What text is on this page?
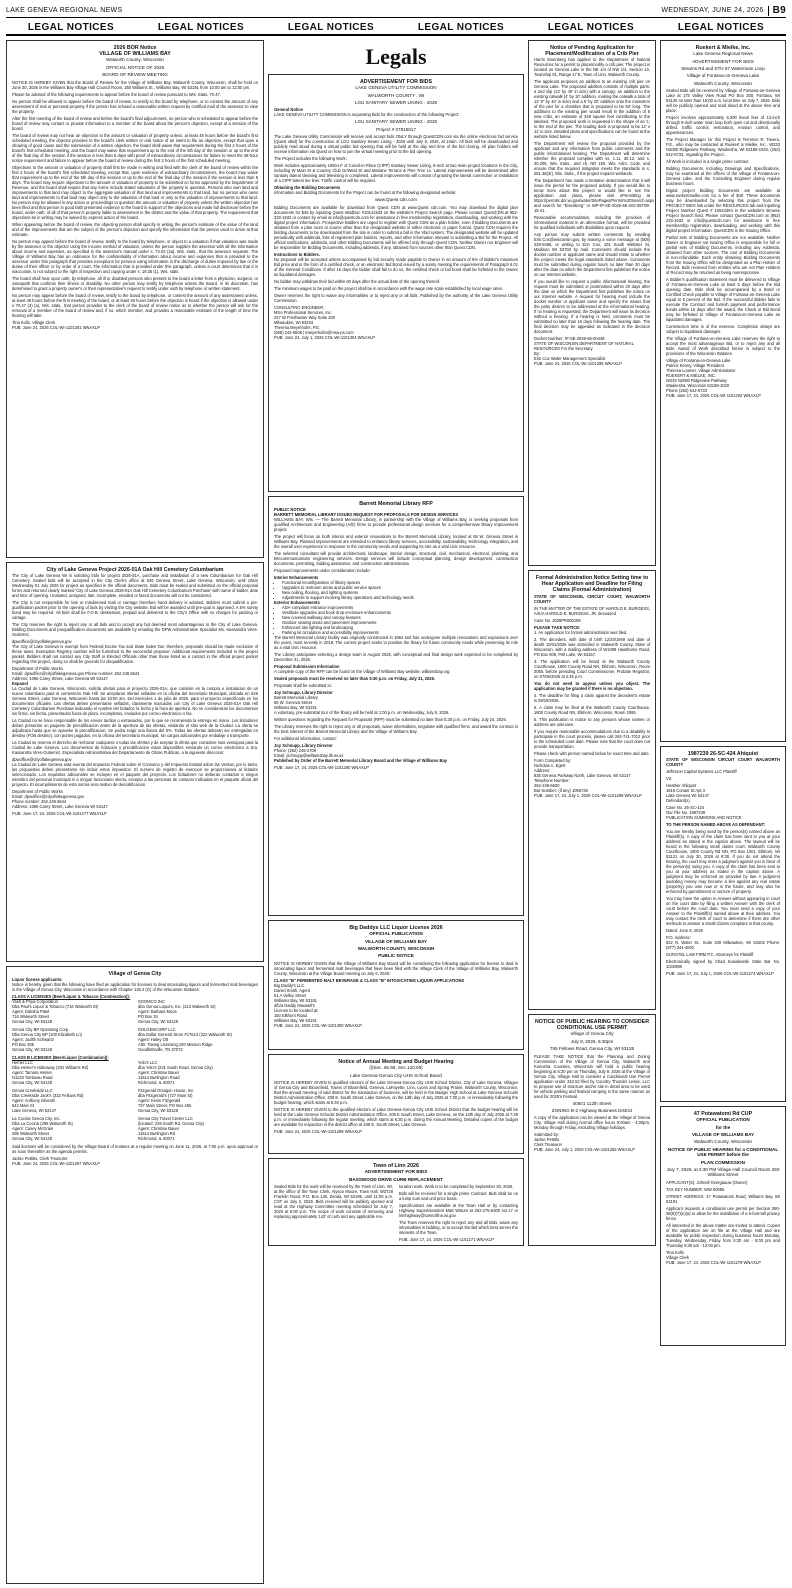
LAKE GENEVA REGIONAL NEWS	WEDNESDAY, JUNE 24, 2026 B9
LEGAL NOTICES	LEGAL NOTICES	LEGAL NOTICES	LEGAL NOTICES	LEGAL NOTICES	LEGAL NOTICES
2026 BOR Notice
VILLAGE OF WILLIAMS BAY
Walworth County, Wisconsin
OFFICIAL NOTICE OF 2026
BOARD OF REVIEW MEETING

NOTICE IS HEREBY GIVEN that the Board of Review for the Village of Williams Bay, Walworth County, Wisconsin, shall be held on June 30, 2026 in the Williams Bay Village Hall Council Room, 250 Williams St., Williams Bay, WI 53191 from 10:00 am to 12:00 pm.

Please be advised of the following requirements to appear before the board of review pursuant to Wis. Stats. 70.47.

No person shall be allowed to appear before the board of review, to testify to the board by telephone, or to contest the amount of any assessment of real or personal property if the person has refused a reasonable written request by certified mail of the assessor to view the property.

After the first meeting of the board of review and before the board's final adjournment, no person who is scheduled to appear before the board of review may contact or provide information to a member of the board about the person's objection, except at a session of the board.

The board of review may not hear an objection to the amount or valuation of property unless, at least 48 hours before the board's first scheduled meeting, the objector provides to the board's clerk written or oral notice of an intent to file an objection, except that upon a showing of good cause and the submission of a written objection, the board shall waive that requirement during the first 2 hours of the board's first scheduled meeting, and the board may waive that requirement up to the end of the 5th day of the session or up to the end of the final day of the session if the session is less than 5 days with proof of extraordinary circumstances for failure to meet the 48-hour notice requirement and failure to appear before the board of review during the first 2 hours of the first scheduled meeting.

Objections to the amount or valuation of property shall first be made in writing and filed with the clerk of the board of review within the first 2 hours of the board's first scheduled meeting, except that, upon evidence of extraordinary circumstances, the board may waive that requirement up to the end of the 5th day of the session or up to the end of the final day of the session if the session is less than 5 days. The board may require objections to the amount or valuation of property to be submitted on forms approved by the Department of Revenue, and the board shall require that any forms include stated valuations of the property in question. Persons who own land and improvements to that land may object to the aggregate valuation of that land and improvements to that land, but no person who owns land and improvements to that land may object only to the valuation of that land or only to the valuation of improvements to that land. No person may be allowed in any action or proceedings to question the amount or valuation of property unless the written objection has been filed and that person in good faith presented evidence to the board in support of the objections and made full disclosure before the board, under oath, of all of that person's property liable to assessment in the district and the value of that property. The requirement that objections be in writing may be waived by express action of the board.

When appearing before the board of review, the objecting person shall specify in writing the person's estimate of the value of the land and of the improvements that are the subject of the person's objection and specify the information that the person used to arrive at that estimate.

No person may appear before the board of review, testify to the board by telephone, or object to a valuation if that valuation was made by the assessor or the objector using the income method of valuation, unless the person supplies the assessor with all the information about income and expenses, as specified in the assessor's manual under s. 73.03 (2a), Wis. stats., that the assessor requests. The Village of Williams Bay has an ordinance for the confidentiality of information about income and expenses that is provided to the assessor under this paragraph that provides exceptions for persons using information in the discharge of duties imposed by law or the duties of their officer or by order of a court. The information that is provided under this paragraph, unless a court determines that it is inaccurate, is not subject to the right of inspection and copying under s. 19.35 (1), Wis. stats.

The board shall hear upon oath, by telephone, all ill or disabled persons who present to the board a letter from a physician, surgeon, or osteopath that confirms their illness or disability. No other person may testify by telephone unless the Board, in its discretion, has determined to grant a property owner's or their representative's request to testify under oath by telephone or written statement.

No person may appear before the board of review, testify to the board by telephone, or contest the amount of any assessment unless, at least 48 hours before the first meeting of the board, or at least 48 hours before the objection is heard if the objection is allowed under s 70.47 (3) (a), Wis. stats., that person provides to the clerk of the board of review notice as to whether the person will ask for the removal of a member of the board of review and, if so, which member, and provides a reasonable estimate of the length of time the hearing will take.

Tina Kolls, Village Clerk
PUB: June 24, 2026 COL-WI-1101301 WNAXLP
City of Lake Geneva Project 2026-01A Oak Hill Cemetery Columbarium

The City of Lake Geneva WI is soliciting bids for project 2026-01A, purchase and installation of a new Columbarium for Oak Hill Cemetery. Sealed bids will be accepted in the City Clerk's office at 626 Geneva Street, Lake Geneva, Wisconsin, until 10am Wednesday 01 July 2026 for project as specified in the official documents. Bids must be sealed and submitted on the official proposal forms and returned clearly marked 'City of Lake Geneva 2026-01A Oak Hill Cemetery Columbarium Purchase' with name of bidder, date and time of opening. Unstated, unsigned, late, incomplete, emailed or faxed documents will not be considered.

The City is not responsible for late or misdirected mail or carriage therefore hand delivery is advised. Bidders must submit a pre-qualification packet prior to the opening of bids by visiting the City website. Bid will be awarded until pre-qual is approved. A 5% surety bond may be required. All bids shall be F.O.B. destination, prepaid and delivered to the City's Office with no charges for packing or cartage.

The City reserves the right to reject any or all bids and to accept any bid deemed most advantageous to the City of Lake Geneva. Bidding Documents and prequalification documents are available by emailing the DPW Administrative Specialist Ms. Kassandra Vires-Gutierrez.

dpwoffice@cityoflakegeneva.gov

The City of Lake Geneva is exempt from Federal Excise Tax and State Sales Tax; therefore, proposals should be made exclusive of these taxes. Exemption Registry number will be furnished to the successful proposer. Additional requirements included in the project packet. Bidders shall not contact any City Staff or Elected Officials other than those listed as a contact in the official project packet regarding this project, doing so shall be grounds for disqualification.

Department of Public Works
Email: dpwoffice@cityoflakegeneva.gov Phone number: 262.248.6644
Address: 1065 Carey Street, Lake Geneva WI 53147
Espanol

La Ciudad de Lake Geneva, Wisconsin, solicita ofertas para el proyecto 2026-01A, que consiste en la compra e instalacion de un nuevo columbario para el cementerio Oak Hill. Se aceptaran ofertas selladas en la oficina del Secretario Municipal, ubicada en 626 Geneva Street, Lake Geneva, Wisconsin hasta las 10:00 am. Del miercoles 1 de julio de 2026, para el proyecto especificado en los documentos oficiales. Las ofertas deben presentarse selladas, claramente marcadas con City of Lake Geneva 2026-01A Oak Hill Cemetery Columbarium Purchase indicando el nombre del licitador, la fecha y la hora de apertura. No se consideraran los documentos sin firma, sin fecha, presentados fuera de plazo, incompletos, enviados por correo electronico o fax.

La Ciudad no se hace responsable de los envios tardios o extraviados, por lo que se recomienda la entrega en mano. Los licitadores deben presentar un paquete de precalificacion antes de la apertura de las ofertas, visitando el sitio web de la Ciudad. La oferta se adjudicara hasta que se apruebe la precalificacion. Se podra exigir una fianza del 5%. Todas las ofertas deberan ser entregadas en destino (FOB destino), con portes pagados, en la oficina del secretario municipal, sin cargos adicionales por embalaje o transporte.

La Ciudad se reserva el derecho de rechazar cualquiera o todas las ofertas y de aceptar la oferta que considere mas ventajosa para la Ciudad de Lake Geneva. Los documentos de licitacion y precalificacion estan disponibles enviando un correo electronico a Sra. Kassandra Vires-Gutierrez, Especialista Administrativa del Departamento de Obras Publicas, a la siguiente direccion:

dpwoffice@cityoflakegeneva.gov

La Ciudad de Lake Geneva esta exenta del Impuesto Federal sobre el Consumo y del Impuesto Estatal sobre las Ventas; por lo tanto, las propuestas deben presentarse sin incluir estos impuestos. El numero de registro de exencion se proporcionara al licitador seleccionado. Los requisitos adicionales se incluyen en el paquete del proyecto. Los licitadores no deberan contactar a ningun miembro del personal municipal ni a ningun funcionario electo, excepto a las personas de contacto indicadas en el paquete oficial del proyecto. El incumplimiento de esta norma sera motivo de descalificacion.

Department of Public Works
Email: dpwoffice@cityoflakegeneva.gov
Phone number: 262.248.6644
Address: 1065 Carey Street, Lake Geneva WI 53147
PUB: June 17, 24, 2026 COL-WI-1101277 WNAXLP
Village of Genoa City
Liquor license applicants:

Notice is hereby given that the following have filed an application for licenses to deal intoxicating liquors and fermented malt beverages in the Village of Genoa City, Wisconsin in accordance with Chapter 125.4 (G) of the Wisconsin Statutes:

CLASS A LICENSES (Beer/Liquor & Tobacco (Combination)):
Yash & Priya Corporation
Dba Paul's Liquor & Tobacco (716 Walworth St)
Agent: Daksha Patel
716 Walworth Street
Genoa City, WI 53128
SOOMCO INC
dba Genoa Liquors, Inc. (413 Walworth St)
Agent: Barbara Moos
PO Box 34
Genoa City, WI 53128
Genoa City BP Operating Corp.
Dba Genoa City BP (100 Elizabeth Ln)
Agent: Judith Schwartz
PO Box 305
Genoa City, WI 53128
DOLGENCORP LLC
dba Dollar General Store #17613 (322 Walworth St)
Agent: Haley Ott
Attn: Taxing Licensing,100 Mission Ridge
Goodlettsville, TN 37072
CLASS B LICENSES (Beer/Liquor (Combination)):
Hemer LLC
Dba Hemer's Hideaway (202 Williams Rd)
Agent: Tamara Hemer
N1133 Tombeau Road
Genoa City, WI 53128
Yolo's LLC
dba Yolo's (231 South Road, Genoa City)
Agent: Christine Bauer
11514 Burlington Road
Richmond, IL 60071
Genoa Creekside LLC
Dba Creekside Jack's (332 Fellows Rd)
Agent: Anthony Silvestri
642 Main St
Lake Geneva, WI 53147
Fitzgerald Octagon House, Inc.
dba Fitzgerald's (727 Main St)
Agent: Kevin Fitzgerald
727 Main Street, PO Box 456
Genoa City, WI 53128
La Cocina Genoa City, Inc.
Dba La Cocina (295 Walworth St)
Agent: Casey McGrain
295 Walworth Street
Genoa City, WI 53128
Genoa City Travel Center LLC
(located: 229 South Rd, Genoa City)
Agent: Christine Bauer
11514 Burlington Rd
Richmond, IL 60071

Said licenses will be considered by the Village Board of trustees at a regular meeting on June 11, 2026, at 7:00 p.m. upon approval or as soon thereafter as the agenda permits.

Jackie Pettitts, Clerk Treasurer
PUB: June 24, 2026 COL-WI-1101297 WNAXLP
Legals
ADVERTISEMENT FOR BIDS
LAKE GENEVA UTILITY COMMISSION
WALWORTH COUNTY , WI
LGU SANITARY SEWER LINING - 2026
General Notice

LAKE GENEVA UTILITY COMMISSION is requesting Bids for the construction of the following Project:

LGU SANITARY SEWER LINING - 2026
Project # 07815017

The Lake Geneva Utility Commission will receive and accept bids ONLY through QuestCDN.com via the online electronic bid service (Quest vBid) for the construction of LGU Sanitary Sewer Lining - 2026 until July 9, 2026, at 10am. All bids will be downloaded and publicly read aloud during a virtual public bid opening that will be held at the day and time of the bid closing. All plan holders will receive information via Quest on how to join the virtual meeting prior to the bid opening.

The Project includes the following Work:

Work includes approximately 1950-LF of Cured-in-Place (CIPP) Sanitary Sewer Lining, 8-inch at two main project locations in the City, including W Main St & Country Club Dr/West St and Mariane Terrace & Pine Tree Ln. Lateral improvements will be determined after sanitary lateral cleaning and televising is completed. Lateral improvements will consist of grouting the lateral connection or installation of a CIPP lateral tee liner. Traffic control will be required.

Obtaining the Bidding Documents

Information and Bidding Documents for the Project can be found at the following designated website:

www.Quest cdn.com

Bidding Documents are available for download from Quest CDN at www.Quest cdn.com. You may download the digital plan documents for $45 by inputting Quest eBidDoc #10141533 on the website's Project Search page. Please contact QuestCDN at 952-233-1632 or contact by email at info@questcdn.com for assistance in free membership registration, downloading, and working with the digital project information. Prospective Bidders are urged to register with Quest CDN as a plan holder, even if Bidding Documents are obtained from a plan room or source other than the designated website in either electronic or paper format. Quest CDN requires the bidding documents to be downloaded from the site in order to submit a bid in the Vbid system. The designated website will be updated periodically with addenda, lists of registered plan holders, reports, and other information relevant to submitting a Bid for the Project. All official notifications, addenda, and other Bidding Documents will be offered only through Quest CDN. Neither Owner nor Engineer will be responsible for Bidding Documents, including addenda, if any, obtained from sources other than Quest CDN.

Instructions to Bidders.

No proposal will be accepted unless accompanied by bid security made payable to Owner in an amount of 5% of Bidder's maximum Bid price and in the form of a certified check, or an electronic Bid Bond issued by a surety meeting the requirements of Paragraph 6.01 of the General Conditions. If after 15 days the bidder shall fail to do so, the certified check or bid bond shall be forfeited to the Owner as liquidated damages.

No bidder may withdraw their bid within 60 days after the actual date of the opening thereof.

The minimum wages to be paid on the project shall be in accordance with the wage rate scale established by local wage rates.

Owner reserves the right to waive any informalities or to reject any or all bids. Published by the authority of the Lake Geneva Utility Commission.

CONSULTING ENGINEER:
MSA Professional Services, Inc.
247 W Freshwater Way Suite 200
Milwaukee, WI 53204
Theresa Meyerhofer, P.E.
(608) 242-6608 | tmeyerhofer@msa-ps.com
PUB: June 24, July 1, 2026 COL-WI-1101304 WNAXLP
Barrett Memorial Library RFP
PUBLIC NOTICE
BARRETT MEMORIAL LIBRARY ISSUES REQUEST FOR PROPOSALS FOR DESIGN SERVICES

WILLIAMS BAY, Wis. — The Barrett Memorial Library, in partnership with the Village of Williams Bay, is seeking proposals from qualified Architecture and Engineering (A/E) firms to provide professional design services for a comprehensive library improvement project.

The project will focus on both interior and exterior renovations to the Barrett Memorial Library, located at 65 W. Geneva Street in Williams Bay. Planned improvements are intended to enhance library services, accessibility, sustainability, technology integration, and the overall user experience in response to the community needs and supporting its role as a vital civic resource.

The selected consultant will provide architectural, landscape, interior design, structural, civil, mechanical, electrical, plumbing, and telecommunications engineering services. Design services will include conceptual planning, design development, construction documents, permitting, bidding assistance, and construction administration.

Proposed improvements under consideration include:

Interior Enhancements
• Functional reconfiguration of library spaces
• Upgrades to restroom areas and public service spaces
• New ceiling, flooring, and lighting systems
• Adjustments to support evolving library operations and technology needs
Exterior Enhancements
• ADA-compliant entrance improvements
• Vestibule upgrades and book drop enclosure enhancements
• New covered walkway and canopy features
• Outdoor seating areas and pavement improvements
• Enhanced site lighting and landscaping
• Parking lot circulation and accessibility improvements

The Barrett Memorial Library facility was originally constructed in 1964 and has undergone multiple renovations and expansions over the years, most recently in 2018. The current project seeks to position the library for future community needs while preserving its role as a vital civic resource.

The Library anticipates selecting a design team in August 2026, with conceptual and final design work expected to be completed by December 31, 2026.

Proposal Submission Information

A complete copy of the RFP can be found on the Village of Williams Bay website: williamsbay.org.

Sealed proposals must be received no later than 5:30 p.m. on Friday, July 31, 2026.

Proposals shall be submitted to:

Joy Schnupp, Library Director
Barrett Memorial Library
65 W. Geneva Street
Williams Bay, WI 53191

A voluntary, pre-submittal tour of the library will be held at 1:00 p.m. on Wednesday, July 8, 2026.

Written questions regarding the Request for Proposals (RFP) must be submitted no later than 5:30 p.m. on Friday, July 24, 2026.

The Library reserves the right to reject any or all proposals, waive informalities, negotiate with qualified firms, and award the contract in the best interest of the Barrett Memorial Library and the Village of Williams Bay.

For additional information, contact:

Joy Schnupp, Library Director
Phone: (262) 245-2709
Email: jschnupp@williamsbay.lib.wi.us

Published by Order of the Barrett Memorial Library Board and the Village of Williams Bay

PUB: June 17, 24, 2026 COL-WI-1101280 WNAXLP
Big Daddys LLC Liquor License 2026
OFFICIAL PUBLICATION
VILLAGE OF WILLIAMS BAY
WALWORTH COUNTY, WISCONSIN
PUBLIC NOTICE

NOTICE IS HEREBY GIVEN that the Village of Williams Bay Board will be considering the following application for license to deal in intoxicating liquor and fermented malt beverages that have been filed with the Village Clerk of the Village of Williams Bay, Walworth County, Wisconsin at the Village Board meeting on July 6, 2026:

CLASS "B" FERMENTED MALT BEVERAGE & CLASS "B" INTOXICATING LIQUOR APPLICATIONS
Big Daddy's LLC
Daniel Smith, Agent
61 A Valley Street
Williams Bay, WI 53191
d/b/a Daddy Maxwell's
License to be located at:
150 Elkhorn Road
Williams Bay, WI 53191
PUB: June 24, 2026 COL-WI-1101300 WNAXLP
Notice of Annual Meeting and Budget Hearing
(§Sec. 65.90, Sec.120.08)
Lake Geneva-Genoa City UHS School Board

NOTICE IS HEREBY GIVEN to qualified electors of the Lake Geneva-Genoa City UHS School District, City of Lake Geneva, Villages of Genoa City and Bloomfield, Towns of Bloomfield, Geneva, LaFayette, Linn, Lyons and Spring Prairie, Walworth County, Wisconsin, that the annual meeting of said district for the transaction of business, will be held in the Badger High School at Lake Geneva Schools District Administration Office, 208 E. South Street, Lake Geneva, on the 13th day of July 2026 at 7:30 p.m. or immediately following the budget hearing, which starts at 6:30 p.m.

NOTICE IS HEREBY GIVEN to the qualified electors of Lake Geneva-Genoa City UHS School District that the budget hearing will be held at the Lake Geneva Schools District Administration Office, 208 E South Street, Lake Geneva, on the 13th day of July 2026 at 7:30 p.m. or immediately following the regular meeting, which starts at 6:30 p.m. during the Annual Meeting. Detailed copies of the budget are available for inspection in the district office at 208 E. South Street, Lake Geneva.

PUB: June 24, 2026 COL-WI-1101299 WNAXLP
Town of Linn 2026
ADVERTISEMENT FOR BIDS
BASSWOOD DRIVE CURB REPLACEMENT

Sealed Bids for the work will be received by the Town of Linn, WI, at the office of the Town Clerk, Alyson Moore, Town Hall, W3728 Franklin Road, P.O. Box 130, Zenda, WI 53195, until 11:00 a.m. CST on July 2, 2026. Bids received will be publicly opened and read at the Highway Committee meeting scheduled for July 7, 2026 at 6:00 p.m. The scope of work consists of removing and replacing approximately 142' of curb and any applicable res-

toration work. Work is to be completed by September 30, 2026.

Bids will be received for a single prime Contract. Bids shall be on a lump sum and unit price basis.

Specifications are available at the Town Hall or by contacting Highway Superintendent Matt Wittum at 262-275-6300 ext.17 or linnhighway@townoflinn.wi.gov.

The Town reserves the right to reject any and all Bids, waive any informalities in bidding, or to accept the Bid which best serves the interests of the Town.

PUB: June 17, 24, 2026 COL-WI-1101271 WNAXLP
Notice of Pending Application for Placement/Modification of a Crib Pier

Harris Eisenberg has applied to the Department of Natural Resources for a permit to place/modify a crib pier. The project is located on Geneva Lake in the NE 1/4 of NW 1/4, Section 10, Township 01, Range 17 E, Town of Linn, Walworth County.

The applicant proposes an addition to an existing crib pier on Geneva Lake. The proposed addition consists of multiple parts: a 2nd slip (13' by 40' in size) with a canopy; an addition to the existing catwalk (4' by 10' addition, making the catwalk a total of 12' 9" by 40' in size) and a 6' by 20' addition onto the mainstem of the pier for a chamber that is proposed to be 84' long. The additions to the existing pier would result in the addition of 5 new cribs, an estimate of 348 square feet contributing to the lakebed. The proposed work is requested in the shape of an 'L' to the end of the pier. The loading dock is proposed to be 12' x 11' in size. Detailed plans and specifications can be found at the website listed below.

The Department will review the proposal provided by the applicant and any information from public comments and the public informational hearing. The Department will determine whether the proposal complies with ss. 1.11, 30.12, and s. 30.206, Wis. Stats., and ch. NR 150, Wis. Adm. Code, and ensure that the required mitigation meets the standards in s. 281.36(3r), Wis. Stats., if the project impacts wetlands.

The Department has made a tentative determination that it will issue the permit for the proposed activity. If you would like to know more about this project or would like to see the application and plans, please visit ePermitting at https://permits.dnr.wi.gov/water/SitePages/Permit%20Search.aspx and search for "Eisenberg" or WP-IP-SE-2026-65-X02-05T09-15-41.

Reasonable accommodation, including the provision of informational material in an alternative format, will be provided for qualified individuals with disabilities upon request.

Any person may submit written comments by emailing Erin.Cox@wisconsin.gov, by leaving a voice message at (608) 228-9466, or writing to Erin Cox, 101 South Webster St, Madison WI 53703 by mail. Comments should include the docket number or applicant name and should relate to whether the project meets the legal standards listed above. Comments must be submitted during regular hours no later than 30 days after the date on which the Department first publishes the notice on our Internet website.

If you would like to request a public informational hearing, the request must be submitted or postmarked within 20 days after the date on which the Department first publishes the notice on our Internet website. A request for hearing must include the docket number or applicant name and specify the issues that the party desires to be addressed at the informational hearing. If no hearing is requested, the Department will issue its decision without a hearing. If a hearing is held, comments must be submitted no later than 10 days following the hearing date. The final decision may be appealed as indicated in the decision document.

Docket Number: IP-SE-2026-65-00448
STATE OF WISCONSIN DEPARTMENT OF NATURAL RESOURCES For the Secretary
By:
Erin Cox Water Management Specialist
PUB: June 24, 2026 COL-WI-1101295 WNAXLP
Formal Administration Notice Setting time to Hear Application and Deadline for Filing Claims (Formal Administration)

STATE OF WISCONSIN, CIRCUIT COURT, WALWORTH COUNTY

IN THE MATTER OF THE ESTATE OF HAROLD E. BURGESS, A/K/A HAROLD E. BURGESS, JR. deceased

Case No. 2026PR000189

PLEASE TAKE NOTICE:

1. An application for formal administration was filed.

2. The decedent, with date of birth 12/20/1949 and date of death 10/31/2025 was domiciled in Walworth County, State of Wisconsin, with a mailing address of W1098 Hawthorne Road, PO Box 608, Pell Lake, WI 53157.

3. The application will be heard at the Walworth County Courthouse, 1800 County Road NN, Elkhorn, Wisconsin, Room 2055, before presiding Court Commissioner, Probate Registrar, on 07/06/2026 at 2:45 p.m.

You do not need to appear unless you object. The application may be granted if there is no objection.

4. The deadline for filing a claim against the decedent's estate is 09/19/2026.

5. A claim may be filed at the Walworth County Courthouse, 1800 County Road NN, Elkhorn, Wisconsin, Room 2065.

6. This publication is notice to any persons whose names or address are unknown.

If you require reasonable accommodations due to a disability to participate in the court process, please call 262-741-7012 prior to the scheduled court date. Please note that the court does not provide transportation.

Please check with person named below for exact time and date.

Form Completed by:
Nicholas A. Egert
Address:
835 Geneva Parkway North, Lake Geneva, WI 53147
Telephone Number:
262-248-6600
Bar Number: (if any) 1056736
PUB: June 17, 24, July 1, 2026 COL-WI-1101288 WNAXLP
NOTICE OF PUBLIC HEARING TO CONSIDER CONDITIONAL USE PERMIT
Village of Genoa City
July 9, 2026, 6:30pm
755 Fellows Road, Genoa City, WI 53128

PLEASE TAKE NOTICE that the Planning and Zoning Commission of the Village of Genoa City, Walworth and Kenosha Counties, Wisconsin will hold a public hearing beginning at 6:30 pm on Thursday, July 9, 2026 at the Village of Genoa City, Village Hall to consider a Conditional Use Permit application under 310.53 filed by Country Thunder Lease, LLC to propose use of structure and/or site in detail area to be used for vehicle parking and festival camping in the same manner as used for 2025's Festival.

40501 112th Street
ZONING B-2 Highway Business District

A copy of the application can be viewed at the Village of Genoa City, Village Hall during normal office hours 8:00am - 4:00pm, Monday through Friday, excluding Village holidays.

Submitted by:
Jackie Pettitts
Clerk Treasurer
PUB: June 24, July 1, 2026 COL-WI-1101255 WNAXLP
Ruekert & Mielke, Inc.
Lake Geneva Regional News
ADVERTISEMENT FOR BIDS
Stearns Rd and STH 67 Watermain Loop
Village of Fontana-on-Geneva Lake
Walworth County, Wisconsin

Sealed Bids will be received by Village of Fontana-on-Geneva Lake at 175 Valley View Road PO Box 200, Fontana, WI 53125 no later than 10:00 a.m. local time on July 7, 2026. Bids will be publicly opened and read aloud at the above time and place.

Project involves approximately 5,300 lineal feet of 12-inch through 8-inch water main loop both open cut and directionally drilled, traffic control, restoration, erosion control, and appurtenances.

The Project Manager for this Project is Terrence R. Tavera, P.E., who may be contacted at Ruekert & Mielke, Inc., W233 N2080 Ridgeview Parkway, Waukesha, WI 53188-1020, (262) 542-5733, regarding the Project.

All Work is included in a single prime contract.

Bidding Documents, including Drawings and Specifications, may be examined at the offices of the Village of Fontana-on-Geneva Lake, and the Consulting Engineer during regular business hours.

Digital project Bidding Documents are available at www.ruekertmielke.com for a fee of $40. These documents may be downloaded by selecting this project from the PROJECT BIDS link under the RESOURCES tab and inputting Project Number Quest # 10544394 in the website's Browse Project Search field. Please contact QuestCDN.com at (952) 233-1632 or info@questcdn.com for assistance in free membership registration, downloading, and working with this digital project information. QuestCDN is the Issuing Office.

Partial sets of Bidding Documents are not available. Neither Owner or Engineer not Issuing Office is responsible for full or partial sets of Bidding Documents, including any Addenda, obtained from other sources. The cost of Bidding Documents is non-refundable. Each entity obtaining Bidding Documents from the Issuing Office will be designated as a Plan Holder of Record. Bids received from entities who are not Plan Holders of Record may be returned as being nonresponsive.

A Bidder's qualification statement must be delivered to Village of Fontana-on-Geneva Lake at least 5 days before the Bid opening date. Bids shall be accompanied by a Bond or Certified Check payable to Village of Fontana-on-Geneva Lake equal to 5 percent of the Bid. If the successful Bidder fails to execute the Contract and furnish payment and performance bonds within 15 days after the award, the Check or Bid Bond may be forfeited to Village of Fontana-on-Geneva Lake as liquidated damages.

Construction time is of the essence. Completion delays are subject to liquidated damages.

The Village of Fontana-on-Geneva Lake reserves the right to accept the most advantageous Bid, or to reject any and all Bids. Award of Work described herein is subject to the provisions of the Wisconsin Statutes.

Village of Fontana-on-Geneva Lake
Patrick Kenny, Village President
Theresa Loomer, Village Administrator
RUEKERT & MIELKE, INC.
W233 N2080 Ridgeview Parkway
Waukesha, Wisconsin 53188-1020
Phone (262) 542-5733
PUB: June 17, 24, 2026 COL-WI-1101292 WNAXLP
1987239 26-SC-424 Ahiquist

STATE OF WISCONSIN CIRCUIT COURT WALWORTH COUNTY

Jefferson Capital Systems LLC Plaintiff

VS

Heather Ahlquist
1815 Conant St Apt 3
Lake Geneva WI 53147
Defendant(s).

Case No. 26-SC-424
Our File No. 1987239
PUBLICATION SUMMONS AND NOTICE

TO THE PERSON NAMED ABOVE AS DEFENDANT:

You are hereby being sued by the person(s) named above as Plaintiff(s). A copy of the claim has been sent to you at your address as stated in the caption above. The lawsuit will be heard in the following small claims court: Walworth County Courthouse, 1800 County Rd NN, PO Box 1001, Elkhorn, WI 53121 on July 30, 2026 at 8:30. If you do not attend the hearing, the court may enter a judgment against you in favor of the person(s) suing you. A copy of the claim has been sent to you at your address as stated in the caption above. A judgment may be enforced as provided by law. A judgment awarding money may become a lien against any real estate (property) you own now or in the future, and may also be enforced by garnishment or seizure of property.

You may have the option to Answer without appearing in court on the court date by filing a written Answer with the clerk of court before the court date. You must send a copy of your Answer to the Plaintiff(s) named above at their address. You may contact the clerk of court to determine if there are other methods to answer a Small Claims complaint in that county.

Dated: June 9, 2026

P.O. Address:
622 N. Water St., Suite 400 Milwaukee, WI 53202 Phone: (877) 344-4002

GURSTEL LAW FIRM P.C. Attorneys for Plaintiff

Electronically signed by Chad Kowalewski State Bar No. 1032988

PUB: June 17, 24, July 1, 2026 COL-WI-1101274 WNAXLP
47 Potawatomi Rd CUP
OFFICIAL PUBLICATION
for the
VILLAGE OF WILLIAMS BAY
Walworth County, Wisconsin
NOTICE OF PUBLIC HEARING for a CONDITIONAL USE PERMIT before the
PLAN COMMISSION
July 7, 2026, at 6:30 PM Village Hall Council Room 250 Williams Street

APPLICANT(S): Johnell Overgaauw (Owner)

TAX KEY NUMBER: WW 00055

STREET ADDRESS: 47 Potawatomi Road, Williams Bay, WI 53191

Applicant requests a conditional use permit per Section 390-38(9)(7)(e)(a) to allow for the installation of a 6-foot-tall privacy fence.

All interested in the above matter are invited to attend. Copies of the application are on file at the Village Hall and are available for public inspection during business hours Monday, Tuesday, Wednesday, Friday from 8:30 am - 5:00 pm and Thursday 8:30 am - 12:00 pm.

Tina Kolls
Village Clerk
PUB: June 17, 24, 2026 COL-WI-1101279 WNAXLP
